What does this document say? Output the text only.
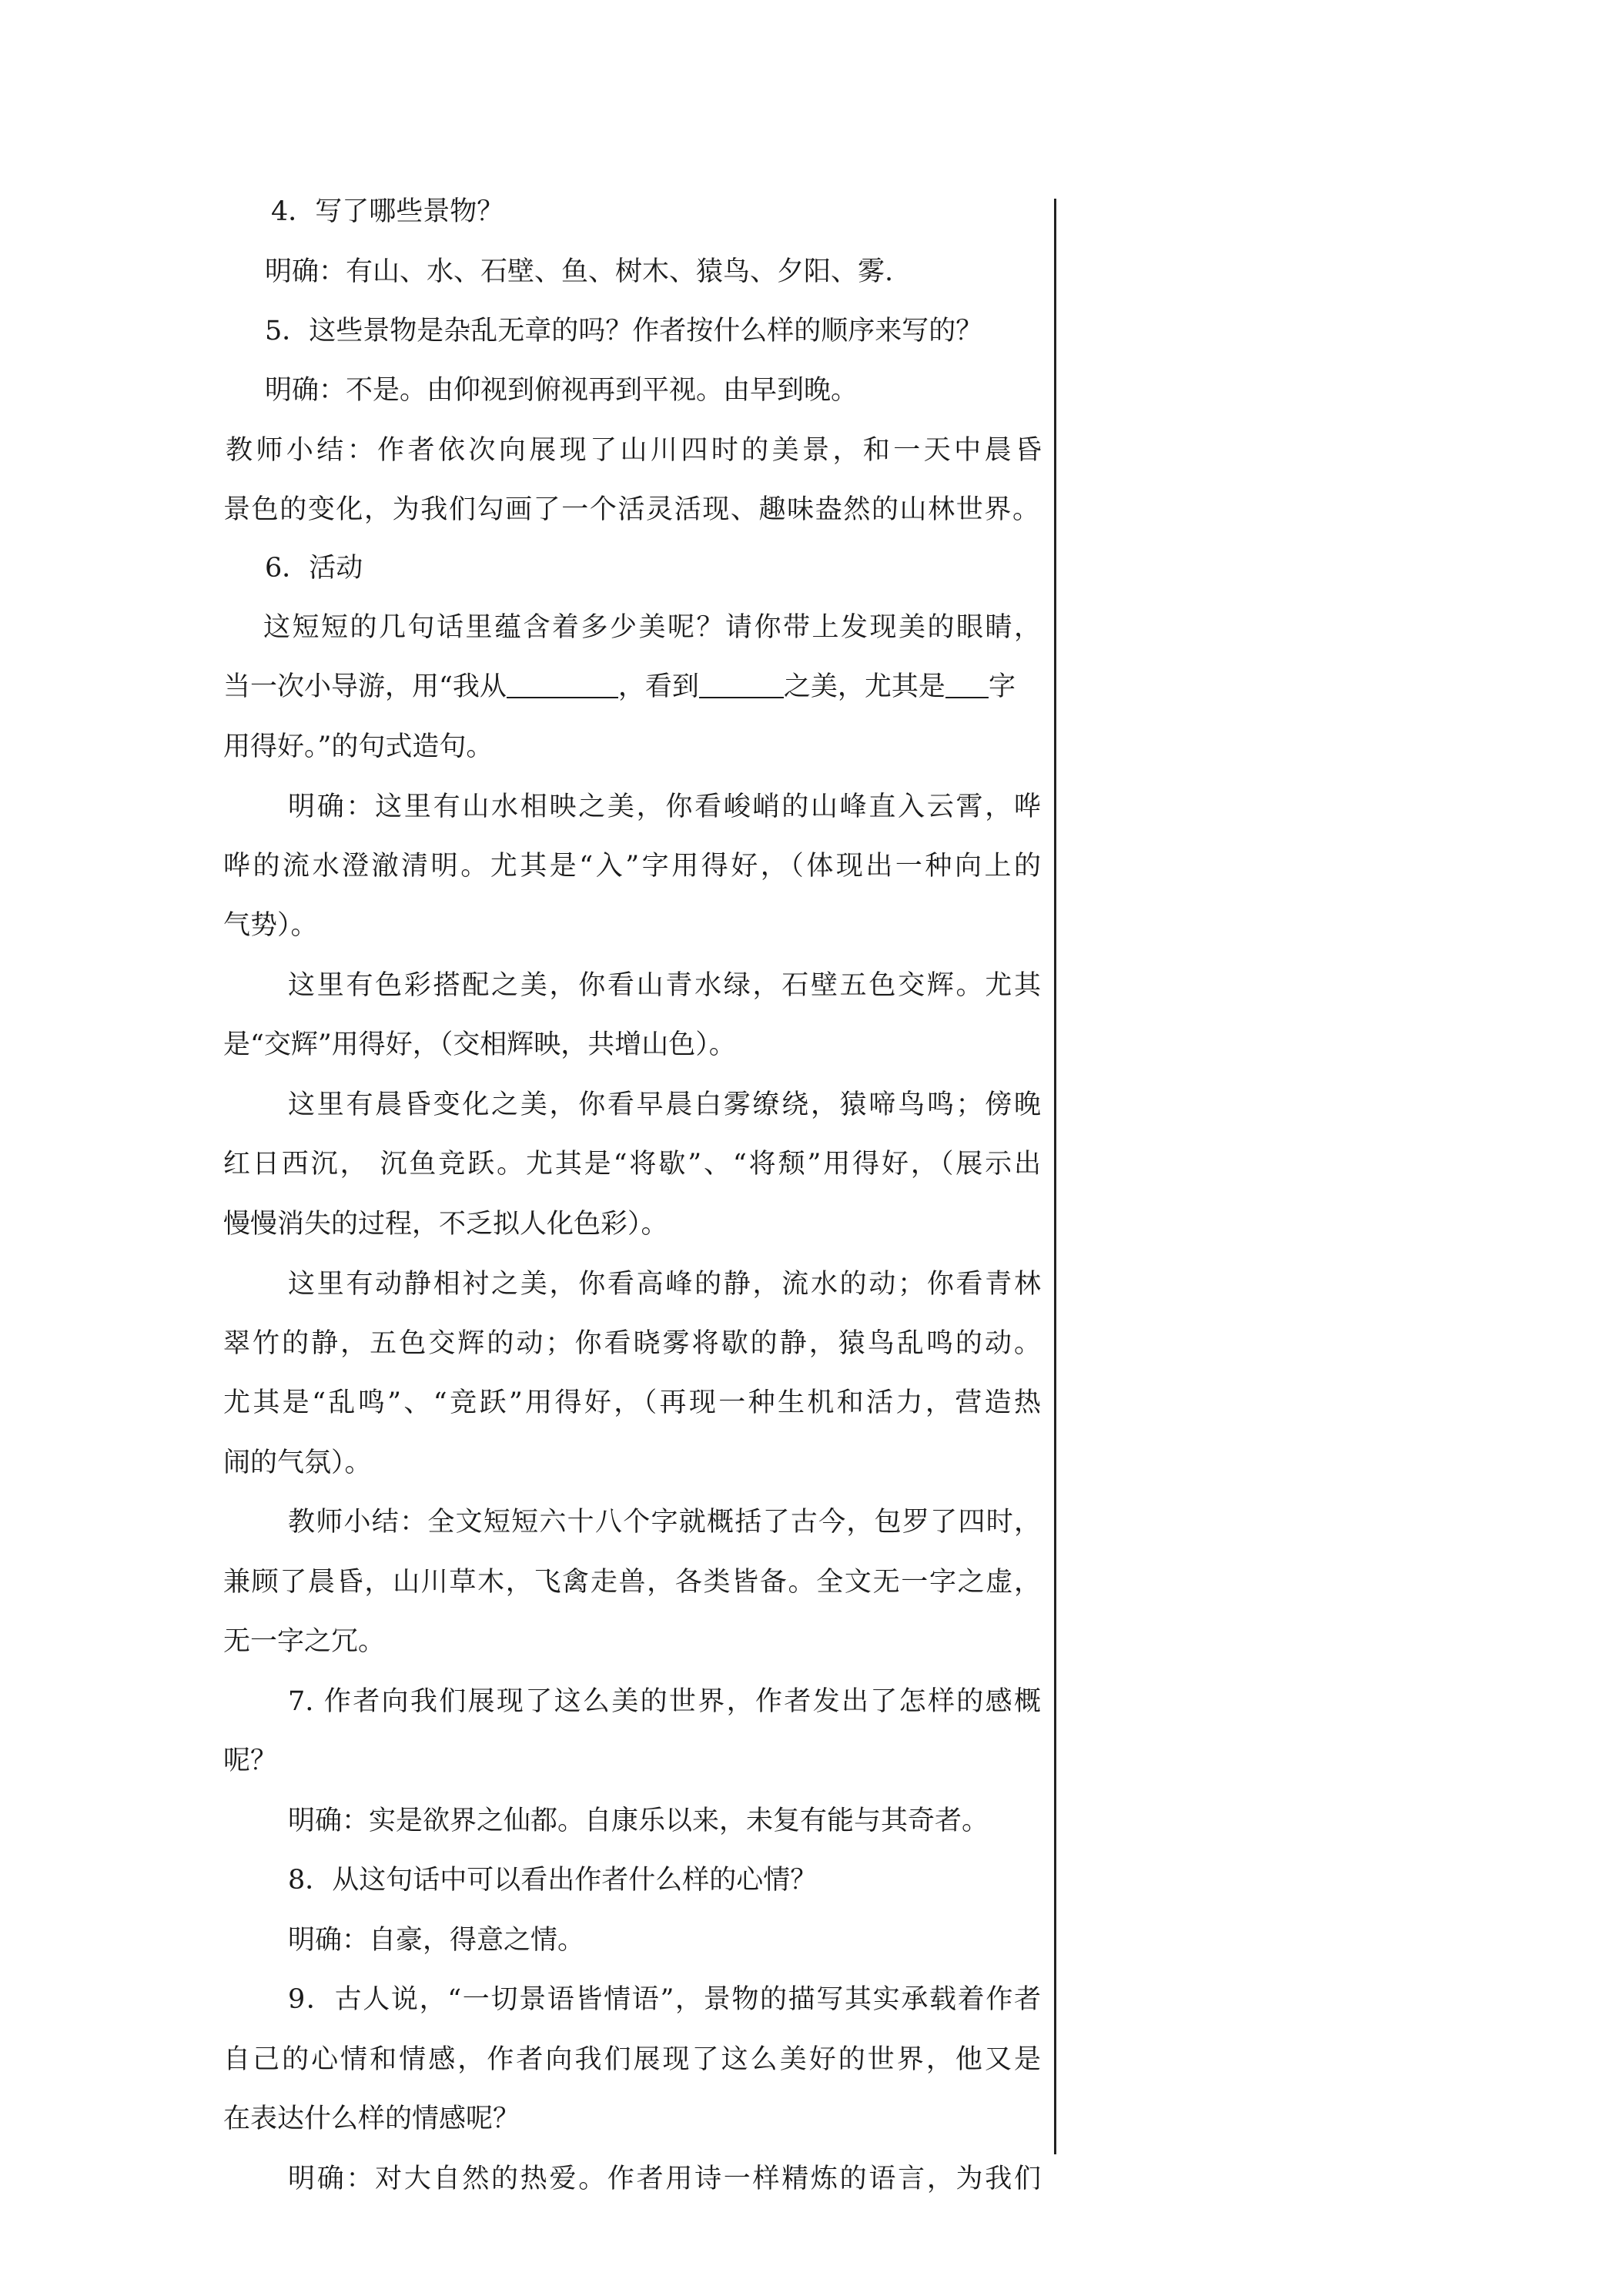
4．写了哪些景物？
明确：有山、水、石壁、鱼、树木、猿鸟、夕阳、雾.
5．这些景物是杂乱无章的吗？作者按什么样的顺序来写的？
明确：不是。由仰视到俯视再到平视。由早到晚。
教师小结：作者依次向展现了山川四时的美景，和一天中晨昏
景色的变化，为我们勾画了一个活灵活现、趣味盎然的山林世界。
6．活动
这短短的几句话里蕴含着多少美呢？请你带上发现美的眼睛，
当一次小导游，用“我从	，看到	之美，尤其是 字
用得好。”的句式造句。
明确：这里有山水相映之美，你看峻峭的山峰直入云霄，哗
哗的流水澄澈清明。尤其是“入”字用得好，（体现出一种向上的
气势）。
这里有色彩搭配之美，你看山青水绿，石壁五色交辉。尤其
是“交辉”用得好，（交相辉映，共增山色）。
这里有晨昏变化之美，你看早晨白雾缭绕，猿啼鸟鸣；傍晚
红日西沉， 沉鱼竞跃。尤其是“将歇”、“将颓”用得好，（展示出
慢慢消失的过程，不乏拟人化色彩）。
这里有动静相衬之美，你看高峰的静，流水的动；你看青林
翠竹的静，五色交辉的动；你看晓雾将歇的静，猿鸟乱鸣的动。
尤其是“乱鸣”、“竞跃”用得好，（再现一种生机和活力，营造热
闹的气氛）。
教师小结：全文短短六十八个字就概括了古今，包罗了四时，
兼顾了晨昏，山川草木，飞禽走兽，各类皆备。全文无一字之虚，
无一字之冗。
7. 作者向我们展现了这么美的世界，作者发出了怎样的感概
呢？
明确：实是欲界之仙都。自康乐以来，未复有能与其奇者。
8．从这句话中可以看出作者什么样的心情？
明确：自豪，得意之情。
9．古人说，“一切景语皆情语”，景物的描写其实承载着作者
自己的心情和情感，作者向我们展现了这么美好的世界，他又是
在表达什么样的情感呢？
明确：对大自然的热爱。作者用诗一样精炼的语言，为我们
